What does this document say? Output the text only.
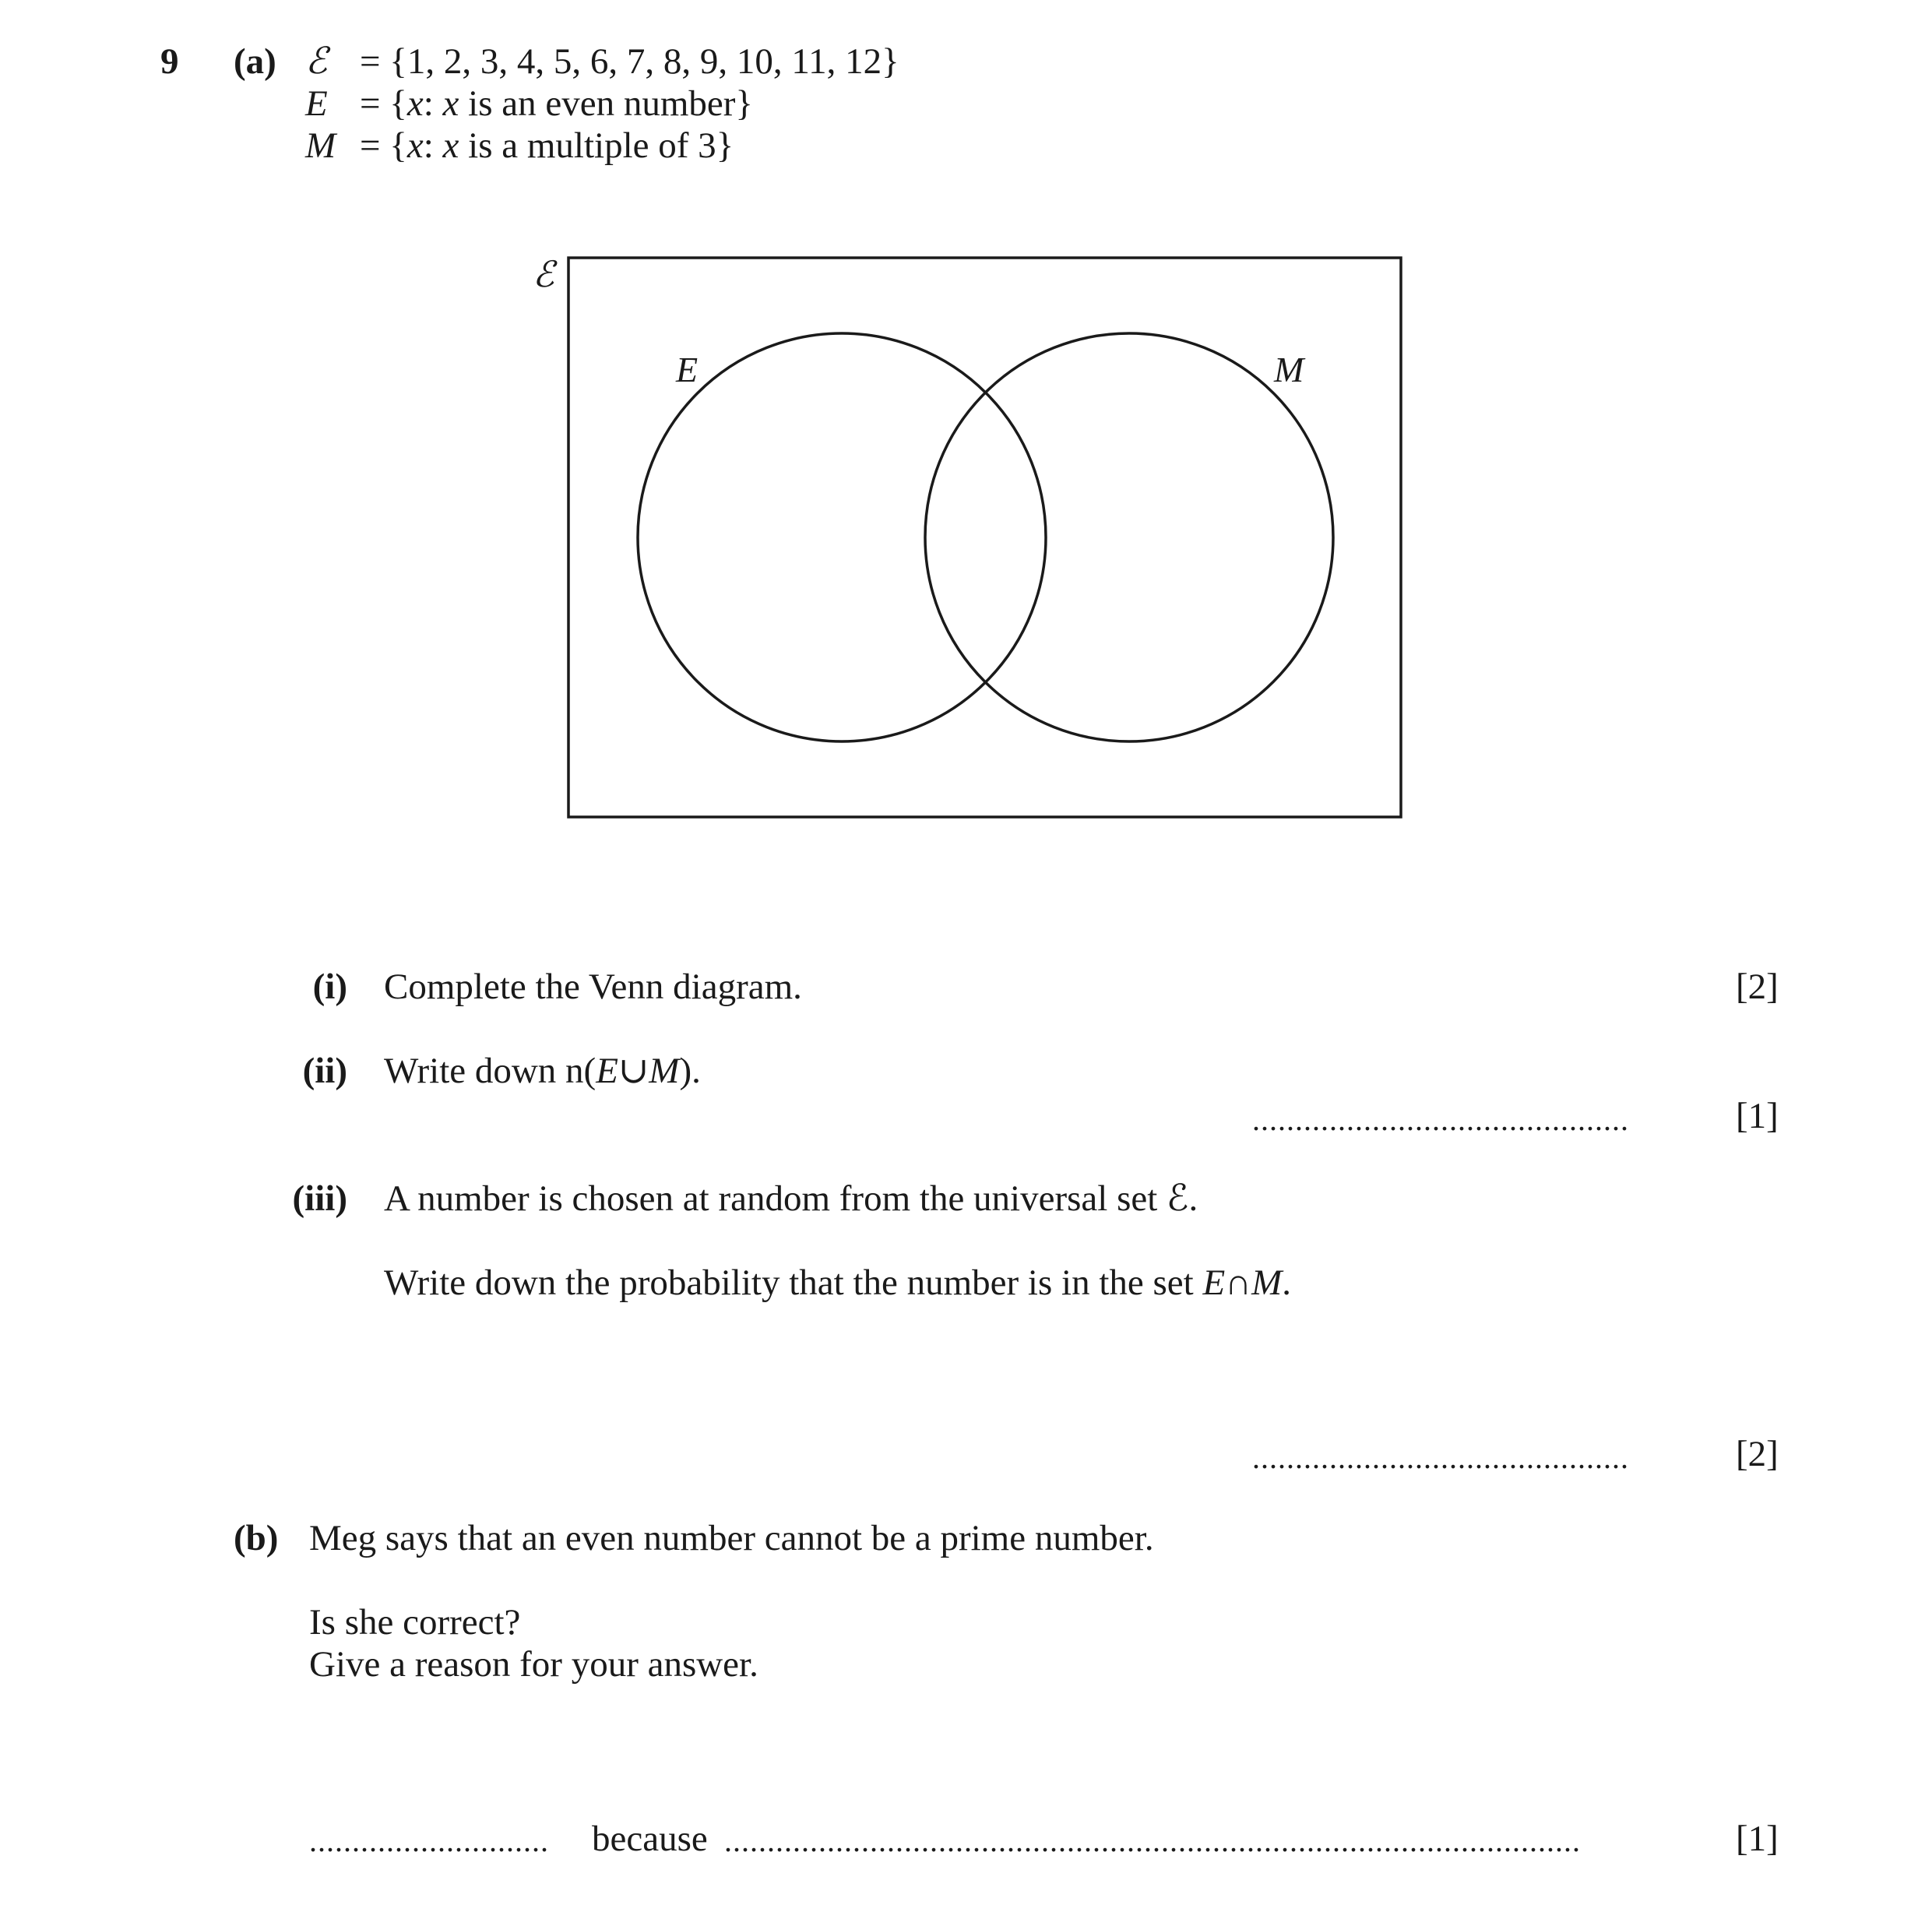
9 (a) ℰ = {1, 2, 3, 4, 5, 6, 7, 8, 9, 10, 11, 12}
E = {x: x is an even number}
M = {x: x is a multiple of 3}
ℰ
E	M
(i) Complete the Venn diagram.	[2]
(ii) Write down n(E∪M).
............................................	[1]
(iii) A number is chosen at random from the universal set ℰ.
Write down the probability that the number is in the set E∩M.
............................................	[2]
(b) Meg says that an even number cannot be a prime number.
Is she correct?
Give a reason for your answer.
............................	because ....................................................................................................	[1]
